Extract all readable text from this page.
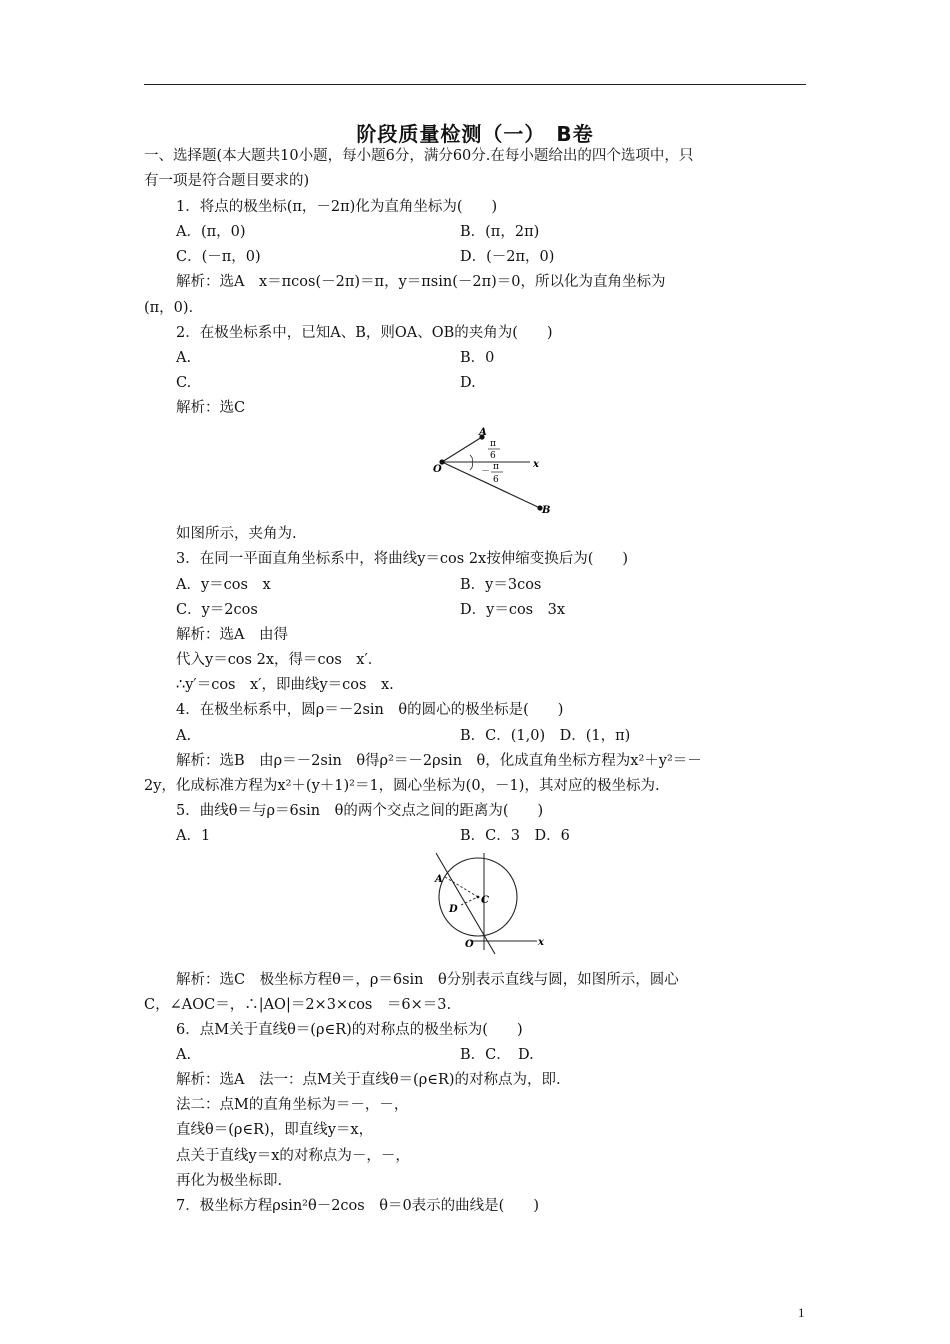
阶段质量检测（一）　B卷
一、选择题(本大题共10小题，每小题6分，满分60分.在每小题给出的四个选项中，只
有一项是符合题目要求的)
1．将点的极坐标(π，－2π)化为直角坐标为(　　)
A．(π，0)	B．(π，2π)
C．(－π，0)	D．(－2π，0)
解析：选A　x＝πcos(－2π)＝π，y＝πsin(－2π)＝0，所以化为直角坐标为
(π，0)．
2．在极坐标系中，已知A、B，则OA、OB的夹角为(　　)
A.	B．0
C.	D.
解析：选C
A
O
B
x
π
6
－ π
6
如图所示，夹角为.
3．在同一平面直角坐标系中，将曲线y＝cos 2x按伸缩变换后为(　　)
A．y＝cos　x	B．y＝3cos
C．y＝2cos	D．y＝cos　3x
解析：选A　由得
代入y＝cos 2x，得＝cos　x′．
∴y′＝cos　x′，即曲线y＝cos　x.
4．在极坐标系中，圆ρ＝－2sin　θ的圆心的极坐标是(　　)
A.	B．C．(1,0)　D．(1，π)
解析：选B　由ρ＝－2sin　θ得ρ²＝－2ρsin　θ，化成直角坐标方程为x²＋y²＝－
2y，化成标准方程为x²＋(y＋1)²＝1，圆心坐标为(0，－1)，其对应的极坐标为.
5．曲线θ＝与ρ＝6sin　θ的两个交点之间的距离为(　　)
A．1	B．C．3　D．6
A
C
D
O	x
解析：选C　极坐标方程θ＝，ρ＝6sin　θ分别表示直线与圆，如图所示，圆心
C，∠AOC＝，∴|AO|＝2×3×cos　＝6×＝3.
6．点M关于直线θ＝(ρ∈R)的对称点的极坐标为(　　)
A.	B．C．　D.
解析：选A　法一：点M关于直线θ＝(ρ∈R)的对称点为，即.
法二：点M的直角坐标为＝－，－，
直线θ＝(ρ∈R)，即直线y＝x，
点关于直线y＝x的对称点为－，－，
再化为极坐标即.
7．极坐标方程ρsin²θ－2cos　θ＝0表示的曲线是(　　)
1
